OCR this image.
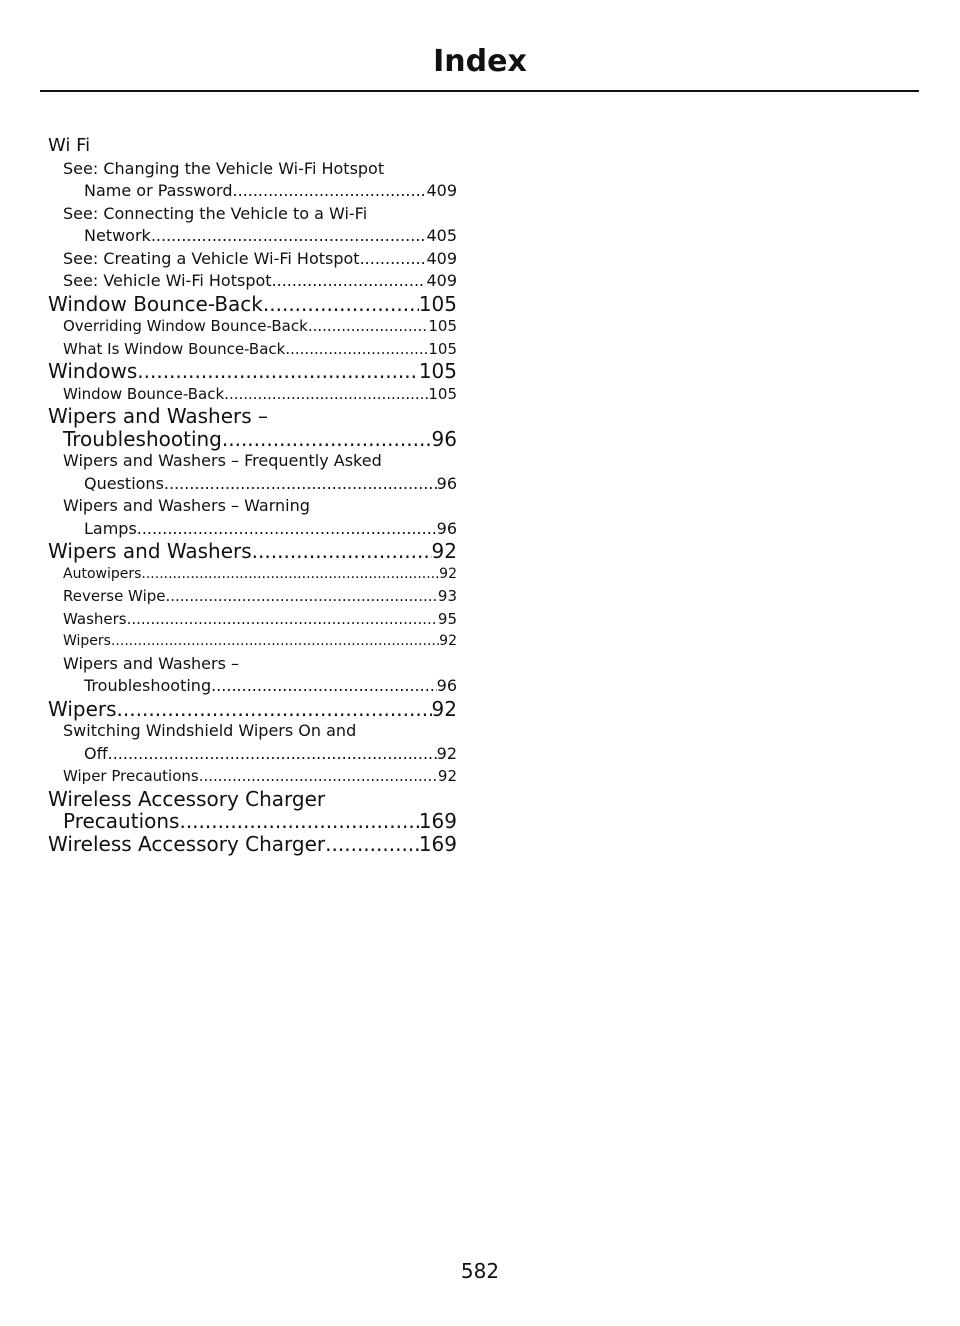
Index
Wi Fi
See: Changing the Vehicle Wi-Fi Hotspot
Name or Password .....	409
See: Connecting the Vehicle to a Wi-Fi
Network .....	405
See: Creating a Vehicle Wi-Fi Hotspot .....	409
See: Vehicle Wi-Fi Hotspot .....	409
Window Bounce-Back .....	105
Overriding Window Bounce-Back .....	105
What Is Window Bounce-Back .....	105
Windows .....	105
Window Bounce-Back .....	105
Wipers and Washers –
Troubleshooting .....	96
Wipers and Washers – Frequently Asked
Questions .....	96
Wipers and Washers – Warning
Lamps .....	96
Wipers and Washers .....	92
Autowipers .....	92
Reverse Wipe .....	93
Washers .....	95
Wipers .....	92
Wipers and Washers –
Troubleshooting .....	96
Wipers .....	92
Switching Windshield Wipers On and
Off .....	92
Wiper Precautions .....	92
Wireless Accessory Charger
Precautions .....	169
Wireless Accessory Charger .....	169
582
